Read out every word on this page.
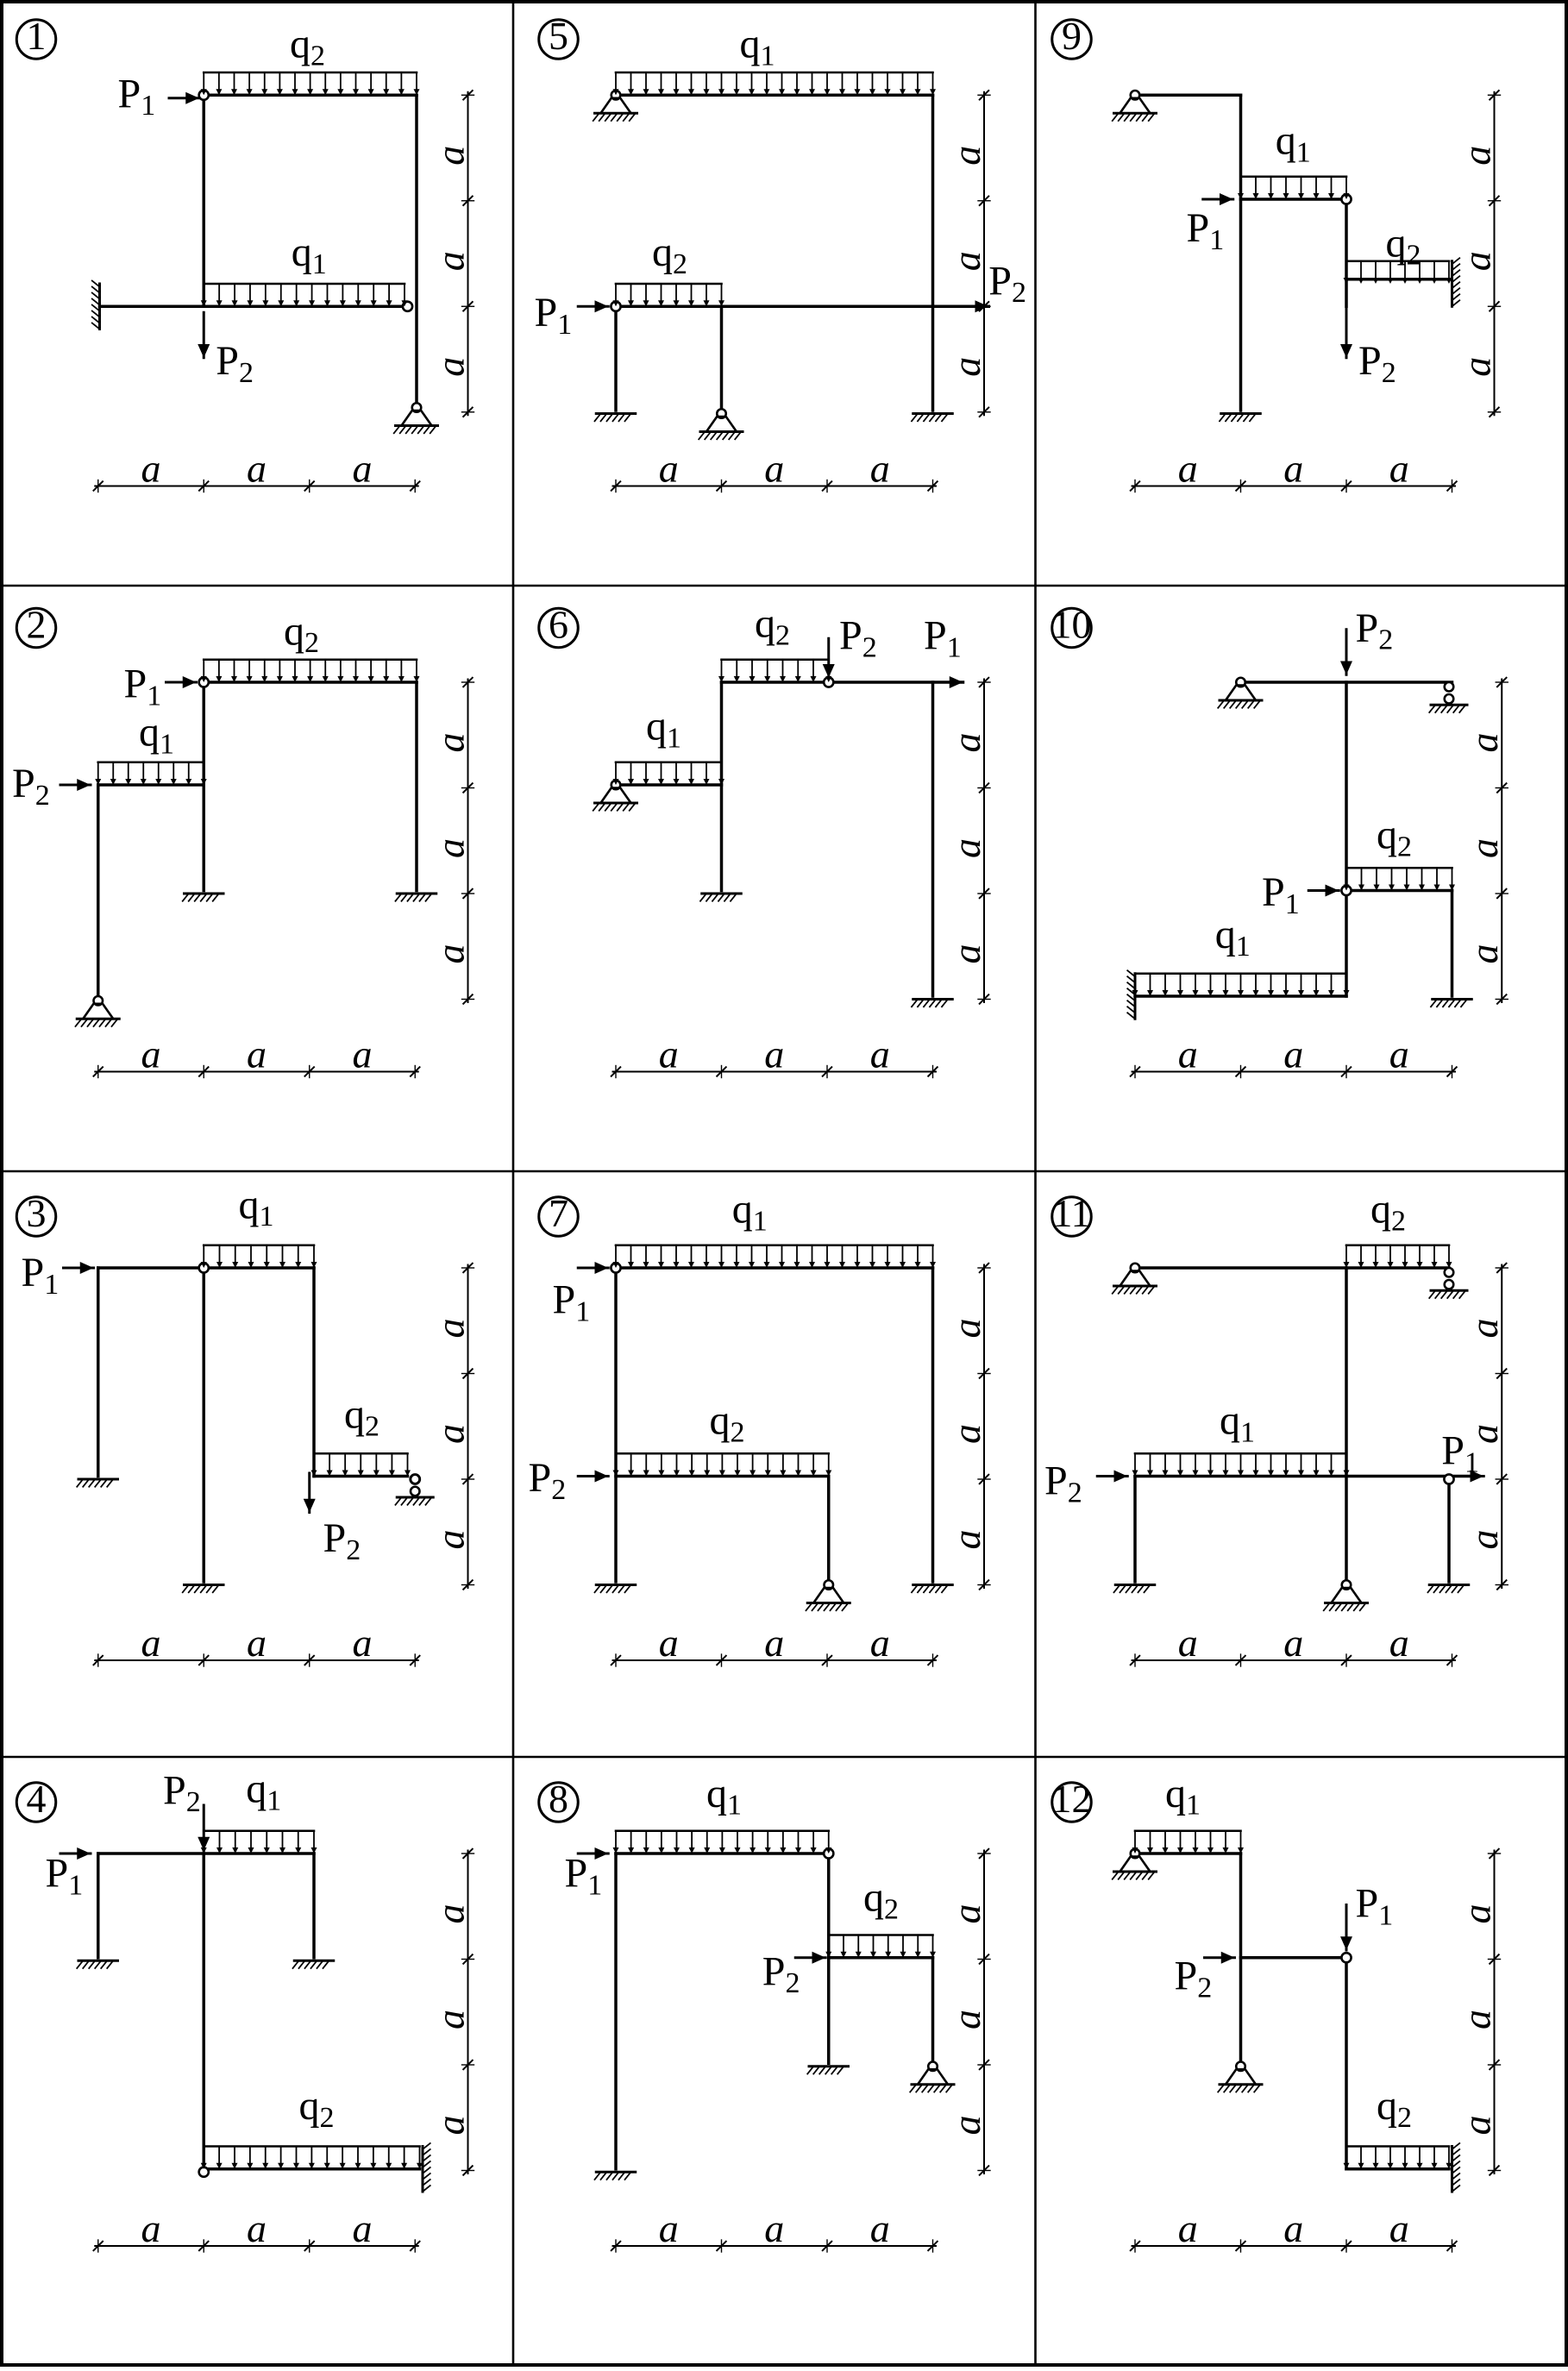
1	q2
q1
P1
P2
a a a
a
a
a
2	q2
q1
P1
P2
a a a
a
a
a
3	q1
q2
P1
P2
a a a
a
a
a
4	q1
q2
P1
P2
a a a
a
a
a
5	q1
q2
P1
P2
a a a
a
a
a
6	q2
q1
P2 P1
a a a
a
a
a
7	q1
q2
P1
P2
a a a
a
a
a
8	q1
q2
P1
P2
a a a
a
a
a
9
q1
q2
P1
P2
a a a
a
a
a
10	P2
q2
P1
q1
a a a
a
a
a
11	q2
q1	P1
P2
a a a
a
a
a
12 q1
P1
P2
q2
a a a
a
a
a
